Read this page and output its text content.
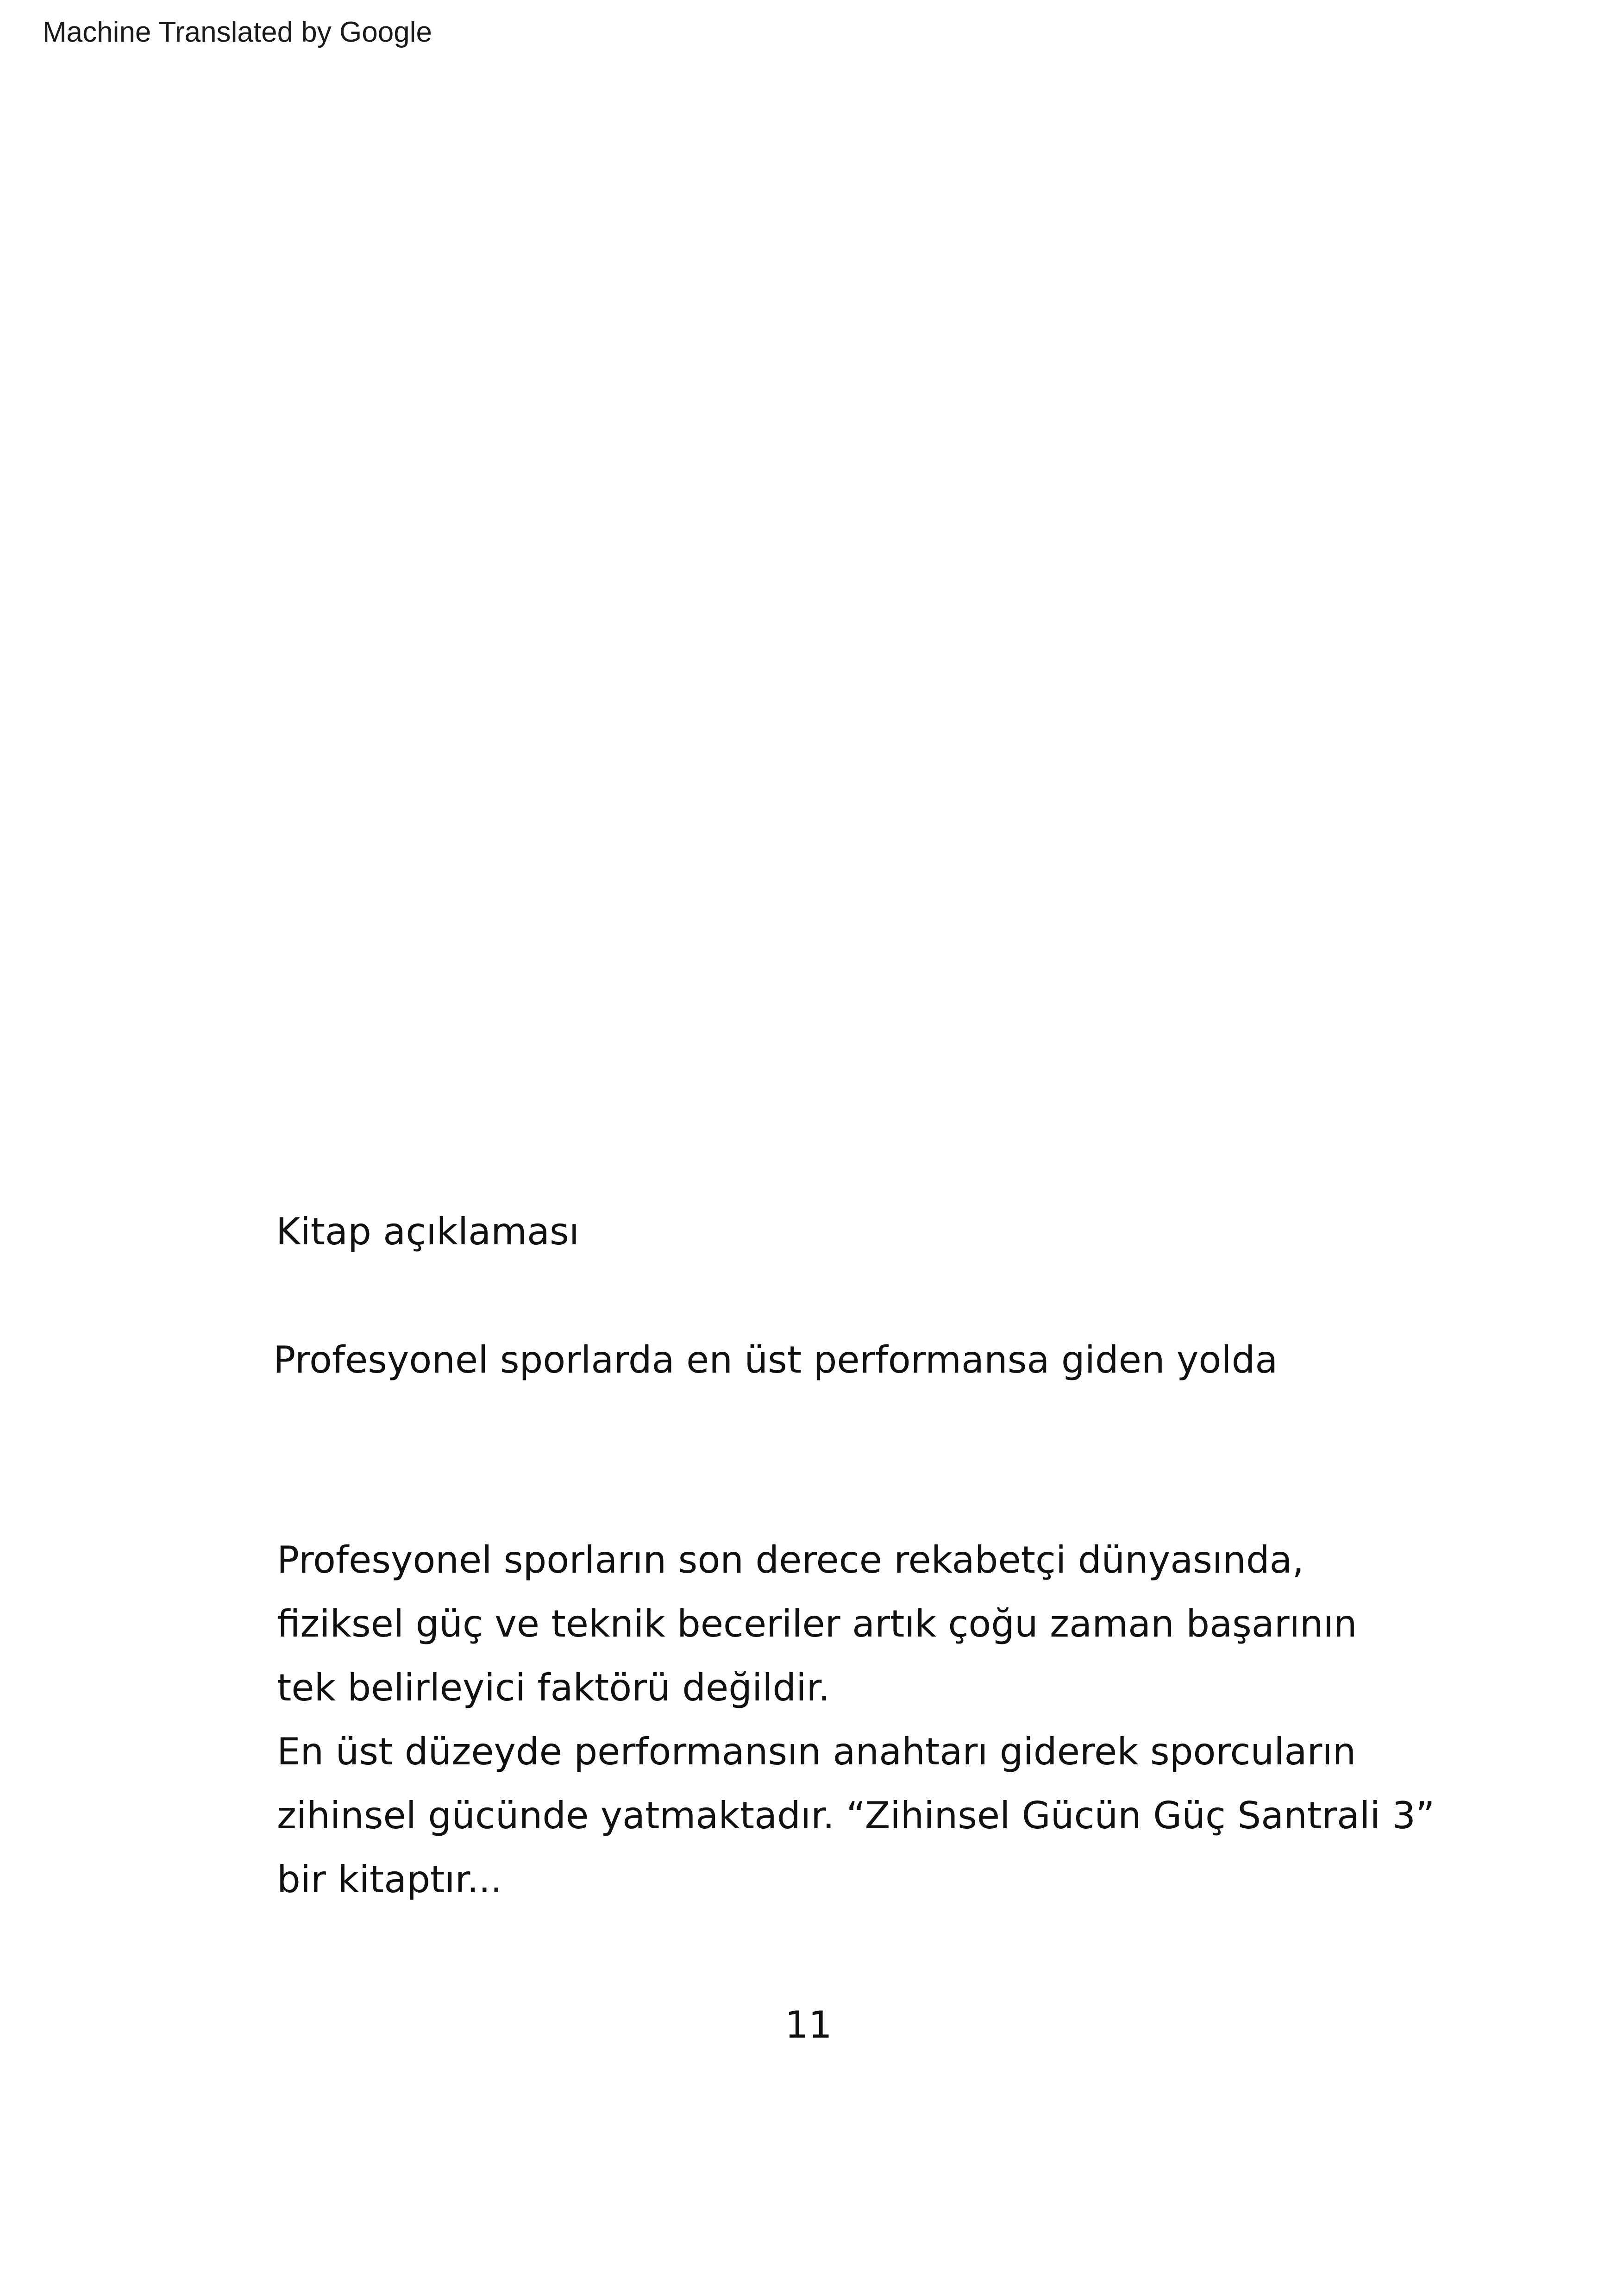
Machine Translated by Google
Kitap açıklaması
Profesyonel sporlarda en üst performansa giden yolda
Profesyonel sporların son derece rekabetçi dünyasında,
fiziksel güç ve teknik beceriler artık çoğu zaman başarının
tek belirleyici faktörü değildir.
En üst düzeyde performansın anahtarı giderek sporcuların
zihinsel gücünde yatmaktadır. “Zihinsel Gücün Güç Santrali 3”
bir kitaptır...
11
